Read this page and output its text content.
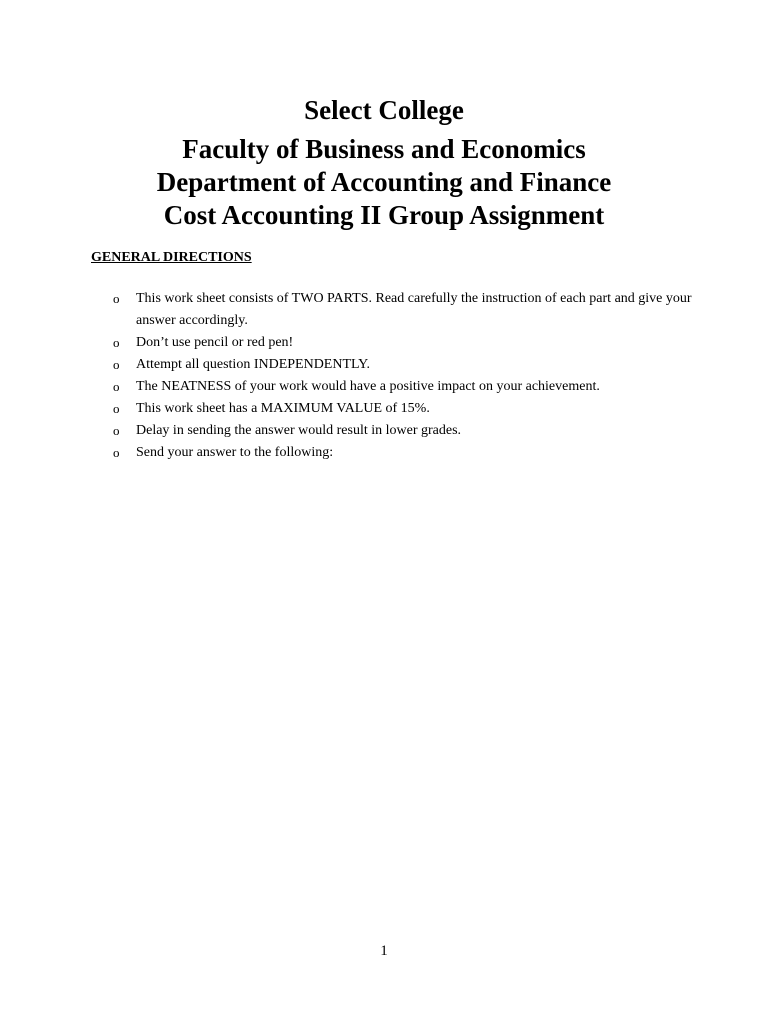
Select College
Faculty of Business and Economics
Department of Accounting and Finance
Cost Accounting II Group Assignment
GENERAL DIRECTIONS
o This work sheet consists of TWO PARTS. Read carefully the instruction of each part and give your answer accordingly.
o Don’t use pencil or red pen!
o Attempt all question INDEPENDENTLY.
o The NEATNESS of your work would have a positive impact on your achievement.
o This work sheet has a MAXIMUM VALUE of 15%.
o Delay in sending the answer would result in lower grades.
o Send your answer to the following:
1
